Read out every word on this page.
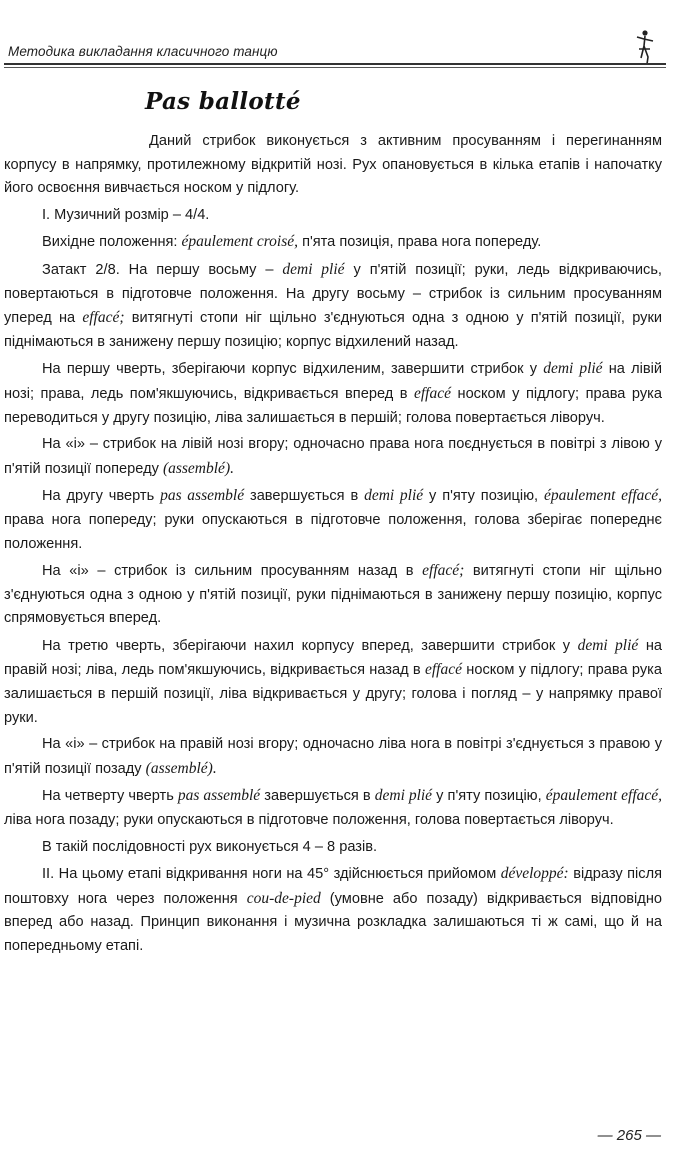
Методика викладання класичного танцю
Pas ballotté

Даний стрибок виконується з активним просуванням і перегинанням корпусу в напрямку, протилежному відкритій нозі. Рух опановується в кілька етапів і напочатку його освоєння вивчається носком у підлогу.

І. Музичний розмір – 4/4.

Вихідне положення: épaulement croisé, п'ята позиція, права нога попереду.

Затакт 2/8. На першу восьму – demi plié у п'ятій позиції; руки, ледь відкриваючись, повертаються в підготовче положення. На другу восьму – стрибок із сильним просуванням уперед на effacé; витягнуті стопи ніг щільно з'єднуються одна з одною у п'ятій позиції, руки піднімаються в занижену першу позицію; корпус відхилений назад.

На першу чверть, зберігаючи корпус відхиленим, завершити стрибок у demi plié на лівій нозі; права, ледь пом'якшуючись, відкривається вперед в effacé носком у підлогу; права рука переводиться у другу позицію, ліва залишається в першій; голова повертається ліворуч.

На «і» – стрибок на лівій нозі вгору; одночасно права нога поєднується в повітрі з лівою у п'ятій позиції попереду (assemblé).

На другу чверть pas assemblé завершується в demi plié у п'яту позицію, épaulement effacé, права нога попереду; руки опускаються в підготовче положення, голова зберігає попереднє положення.

На «і» – стрибок із сильним просуванням назад в effacé; витягнуті стопи ніг щільно з'єднуються одна з одною у п'ятій позиції, руки піднімаються в занижену першу позицію, корпус спрямовується вперед.

На третю чверть, зберігаючи нахил корпусу вперед, завершити стрибок у demi plié на правій нозі; ліва, ледь пом'якшуючись, відкривається назад в effacé носком у підлогу; права рука залишається в першій позиції, ліва відкривається у другу; голова і погляд – у напрямку правої руки.

На «і» – стрибок на правій нозі вгору; одночасно ліва нога в повітрі з'єднується з правою у п'ятій позиції позаду (assemblé).

На четверту чверть pas assemblé завершується в demi plié у п'яту позицію, épaulement effacé, ліва нога позаду; руки опускаються в підготовче положення, голова повертається ліворуч.

В такій послідовності рух виконується 4 – 8 разів.

ІІ. На цьому етапі відкривання ноги на 45° здійснюється прийомом développé: відразу після поштовху нога через положення cou-de-pied (умовне або позаду) відкривається відповідно вперед або назад. Принцип виконання і музична розкладка залишаються ті ж самі, що й на попередньому етапі.

— 265 —
